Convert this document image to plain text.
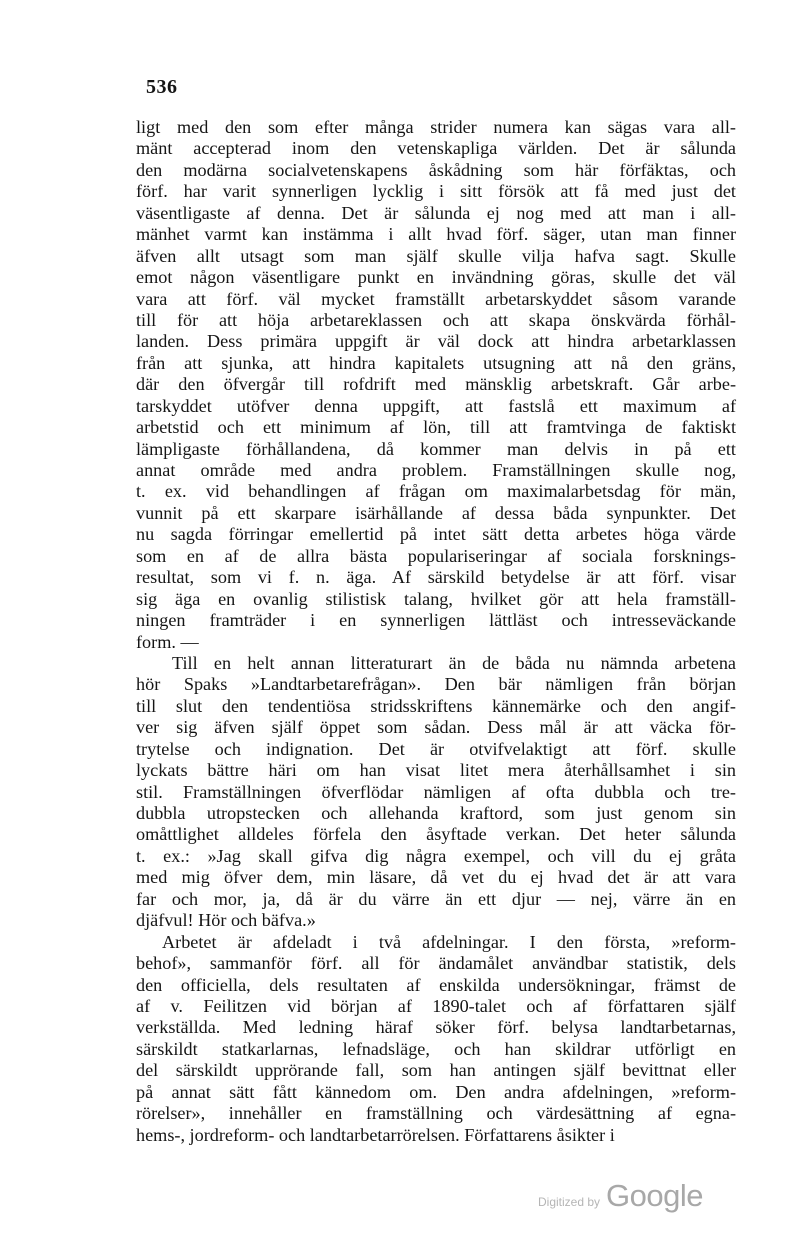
536
ligt med den som efter många strider numera kan sägas vara all-
mänt accepterad inom den vetenskapliga världen. Det är sålunda
den modärna socialvetenskapens åskådning som här förfäktas, och
förf. har varit synnerligen lycklig i sitt försök att få med just det
väsentligaste af denna. Det är sålunda ej nog med att man i all-
mänhet varmt kan instämma i allt hvad förf. säger, utan man finner
äfven allt utsagt som man själf skulle vilja hafva sagt. Skulle
emot någon väsentligare punkt en invändning göras, skulle det väl
vara att förf. väl mycket framställt arbetarskyddet såsom varande
till för att höja arbetareklassen och att skapa önskvärda förhål-
landen. Dess primära uppgift är väl dock att hindra arbetarklassen
från att sjunka, att hindra kapitalets utsugning att nå den gräns,
där den öfvergår till rofdrift med mänsklig arbetskraft. Går arbe-
tarskyddet utöfver denna uppgift, att fastslå ett maximum af
arbetstid och ett minimum af lön, till att framtvinga de faktiskt
lämpligaste förhållandena, då kommer man delvis in på ett
annat område med andra problem. Framställningen skulle nog,
t. ex. vid behandlingen af frågan om maximalarbetsdag för män,
vunnit på ett skarpare isärhållande af dessa båda synpunkter. Det
nu sagda förringar emellertid på intet sätt detta arbetes höga värde
som en af de allra bästa populariseringar af sociala forsknings-
resultat, som vi f. n. äga. Af särskild betydelse är att förf. visar
sig äga en ovanlig stilistisk talang, hvilket gör att hela framställ-
ningen framträder i en synnerligen lättläst och intresseväckande
form. —
Till en helt annan litteraturart än de båda nu nämnda arbetena
hör Spaks »Landtarbetarefrågan». Den bär nämligen från början
till slut den tendentiösa stridsskriftens kännemärke och den angif-
ver sig äfven själf öppet som sådan. Dess mål är att väcka för-
trytelse och indignation. Det är otvifvelaktigt att förf. skulle
lyckats bättre häri om han visat litet mera återhållsamhet i sin
stil. Framställningen öfverflödar nämligen af ofta dubbla och tre-
dubbla utropstecken och allehanda kraftord, som just genom sin
omåttlighet alldeles förfela den åsyftade verkan. Det heter sålunda
t. ex.: »Jag skall gifva dig några exempel, och vill du ej gråta
med mig öfver dem, min läsare, då vet du ej hvad det är att vara
far och mor, ja, då är du värre än ett djur — nej, värre än en
djäfvul! Hör och bäfva.»
Arbetet är afdeladt i två afdelningar. I den första, »reform-
behof», sammanför förf. all för ändamålet användbar statistik, dels
den officiella, dels resultaten af enskilda undersökningar, främst de
af v. Feilitzen vid början af 1890-talet och af författaren själf
verkställda. Med ledning häraf söker förf. belysa landtarbetarnas,
särskildt statkarlarnas, lefnadsläge, och han skildrar utförligt en
del särskildt upprörande fall, som han antingen själf bevittnat eller
på annat sätt fått kännedom om. Den andra afdelningen, »reform-
rörelser», innehåller en framställning och värdesättning af egna-
hems-, jordreform- och landtarbetarrörelsen. Författarens åsikter i
Digitized by Google
